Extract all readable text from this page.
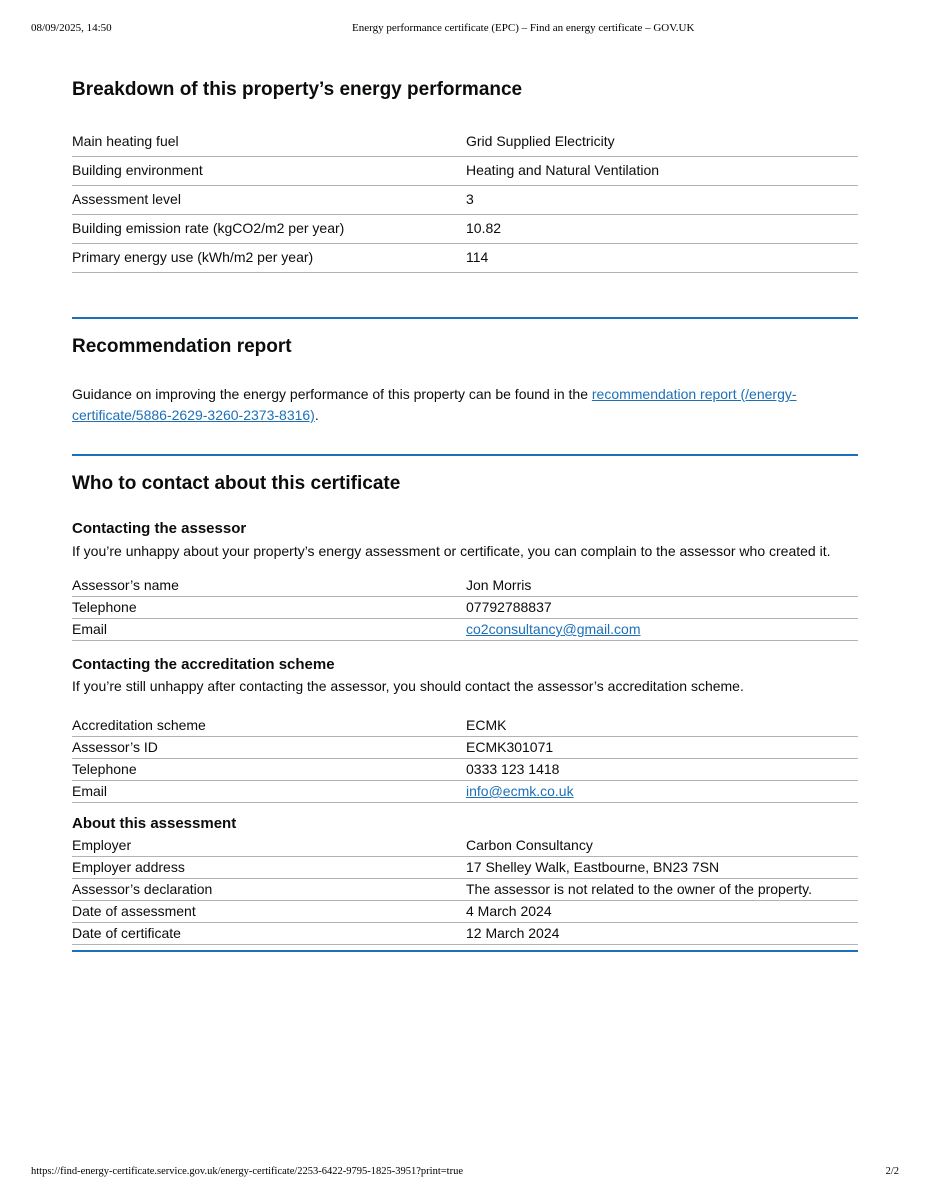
08/09/2025, 14:50	Energy performance certificate (EPC) – Find an energy certificate – GOV.UK
Breakdown of this property’s energy performance
Main heating fuel	Grid Supplied Electricity
Building environment	Heating and Natural Ventilation
Assessment level	3
Building emission rate (kgCO2/m2 per year)	10.82
Primary energy use (kWh/m2 per year)	114
Recommendation report

Guidance on improving the energy performance of this property can be found in the recommendation report (/energy-certificate/5886-2629-3260-2373-8316).

Who to contact about this certificate
Contacting the assessor

If you’re unhappy about your property’s energy assessment or certificate, you can complain to the assessor who created it.

Assessor’s name	Jon Morris
Telephone	07792788837
Email	co2consultancy@gmail.com
Contacting the accreditation scheme

If you’re still unhappy after contacting the assessor, you should contact the assessor’s accreditation scheme.

Accreditation scheme	ECMK
Assessor’s ID	ECMK301071
Telephone	0333 123 1418
Email	info@ecmk.co.uk
About this assessment
Employer	Carbon Consultancy
Employer address	17 Shelley Walk, Eastbourne, BN23 7SN
Assessor’s declaration	The assessor is not related to the owner of the property.
Date of assessment	4 March 2024
Date of certificate	12 March 2024
https://find-energy-certificate.service.gov.uk/energy-certificate/2253-6422-9795-1825-3951?print=true	2/2
